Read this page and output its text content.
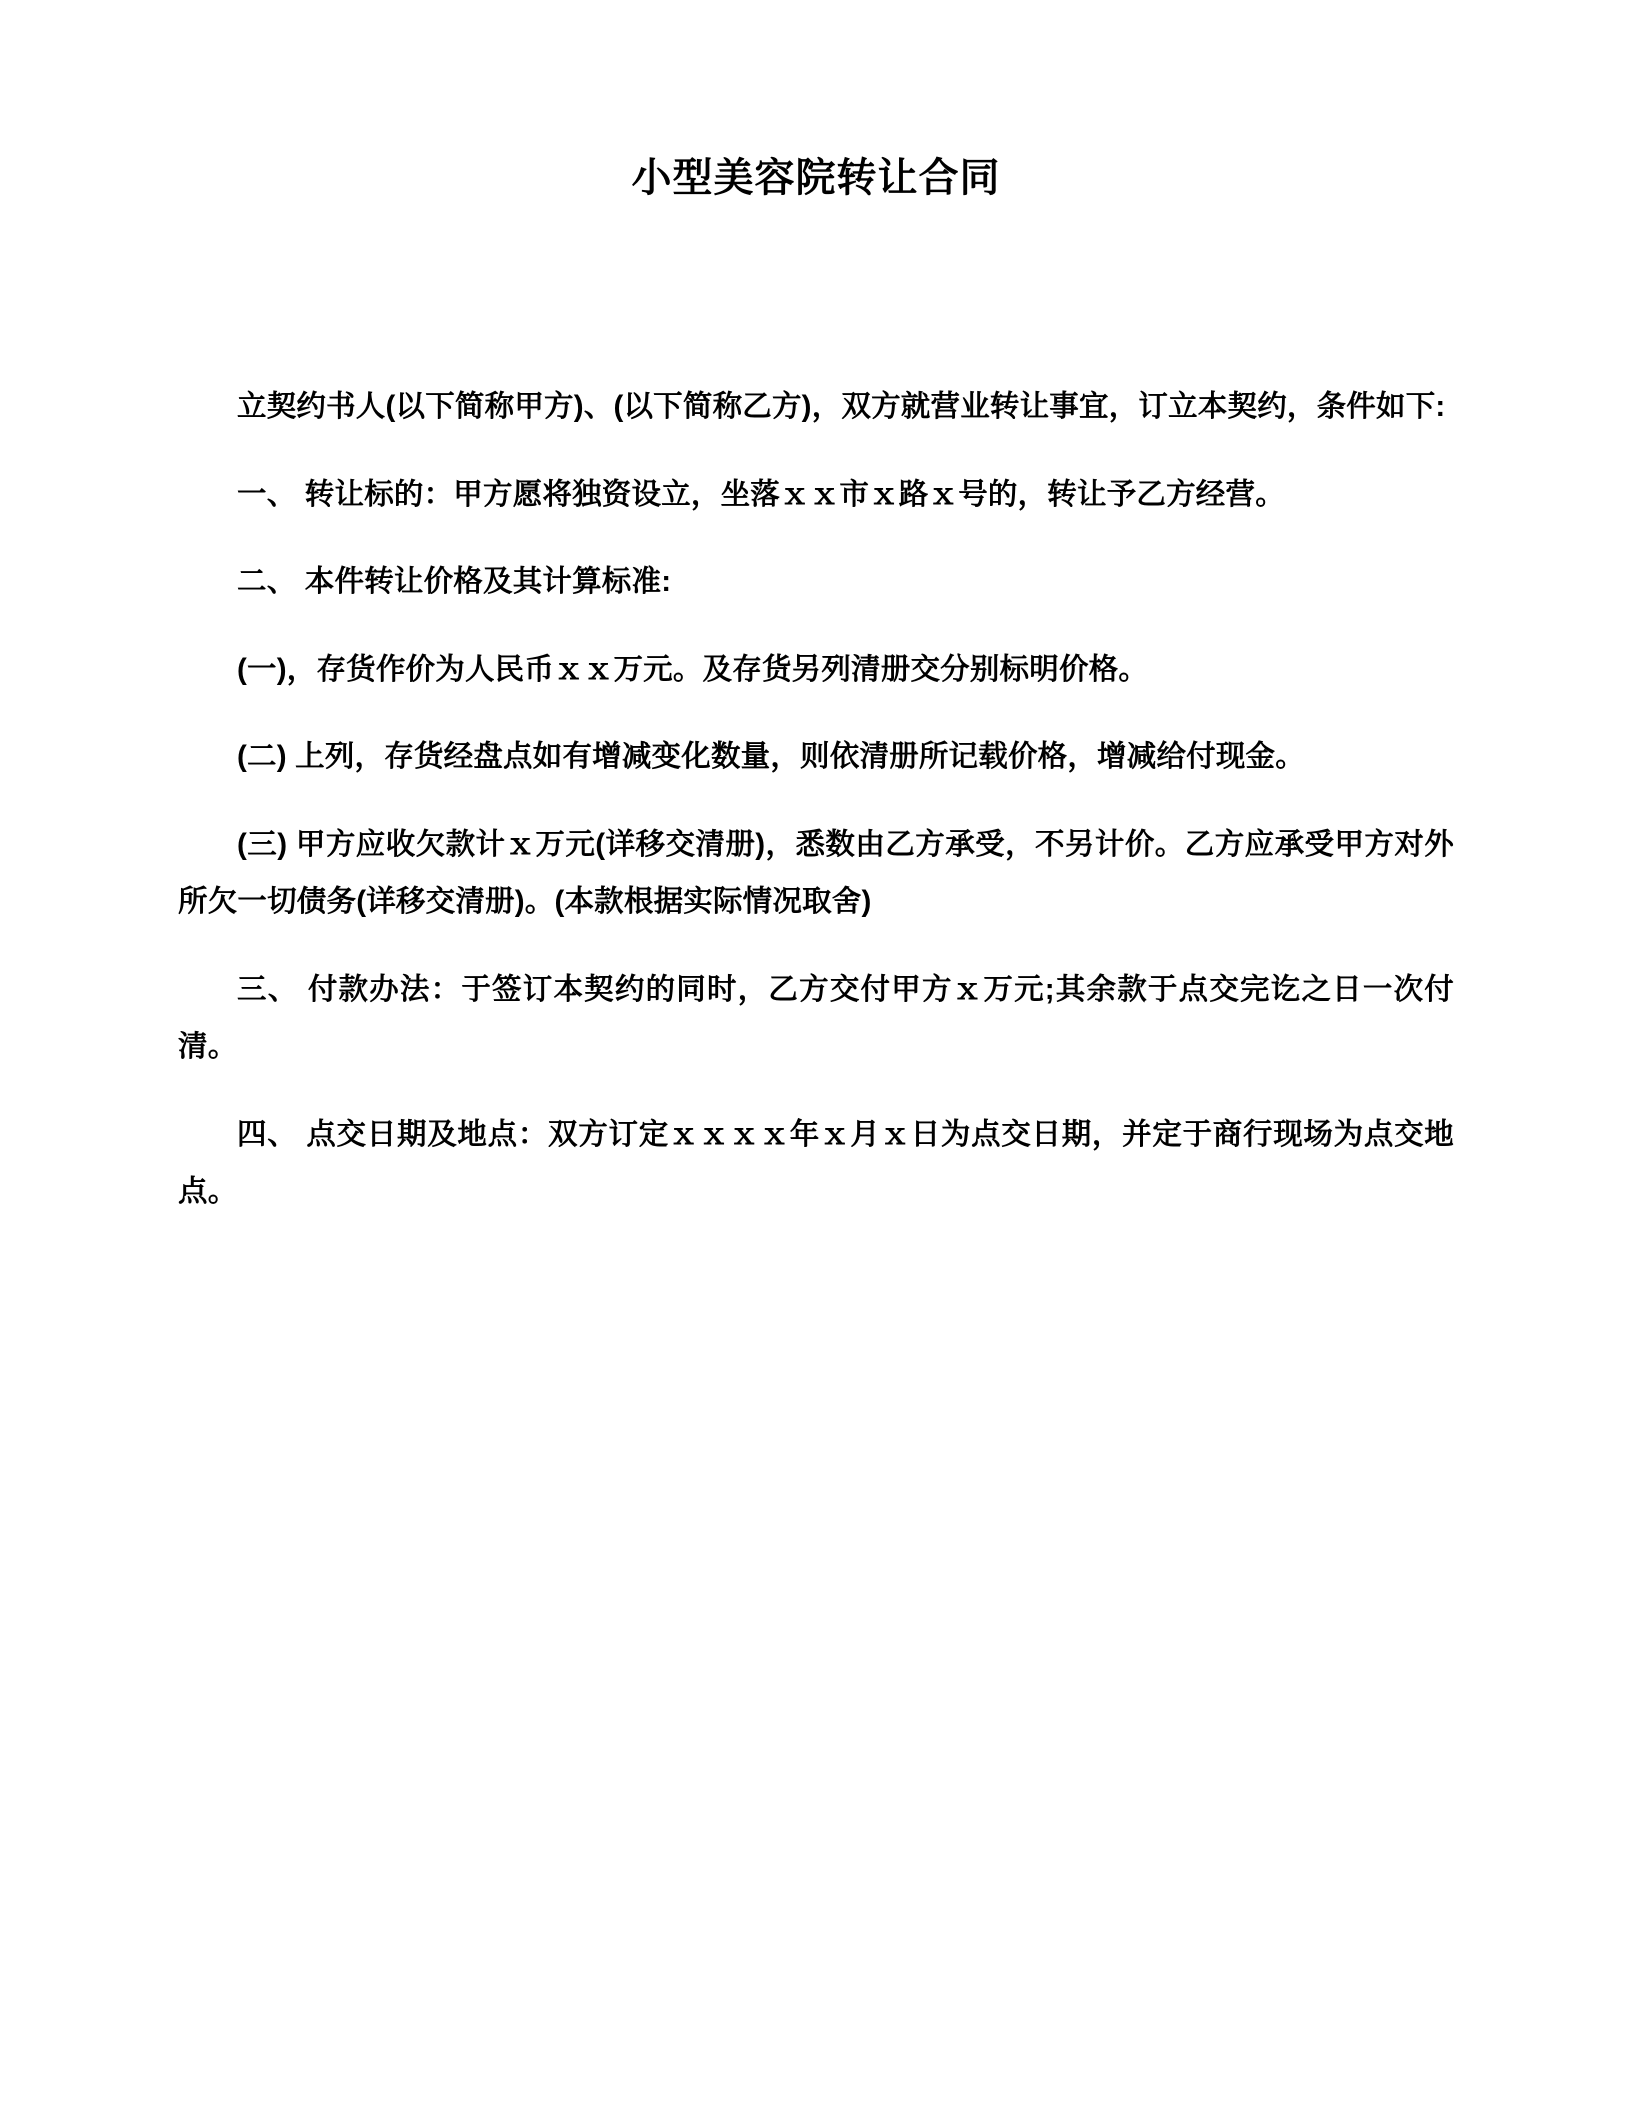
小型美容院转让合同

立契约书人(以下简称甲方)、(以下简称乙方)，双方就营业转让事宜，订立本契约，条件如下:

一、 转让标的：甲方愿将独资设立，坐落ｘｘ市ｘ路ｘ号的，转让予乙方经营。

二、 本件转让价格及其计算标准:

(一)，存货作价为人民币ｘｘ万元。及存货另列清册交分别标明价格。

(二) 上列，存货经盘点如有增减变化数量，则依清册所记载价格，增减给付现金。

(三) 甲方应收欠款计ｘ万元(详移交清册)，悉数由乙方承受，不另计价。乙方应承受甲方对外所欠一切债务(详移交清册)。(本款根据实际情况取舍)

三、 付款办法：于签订本契约的同时，乙方交付甲方ｘ万元;其余款于点交完讫之日一次付清。

四、 点交日期及地点：双方订定ｘｘｘｘ年ｘ月ｘ日为点交日期，并定于商行现场为点交地点。
